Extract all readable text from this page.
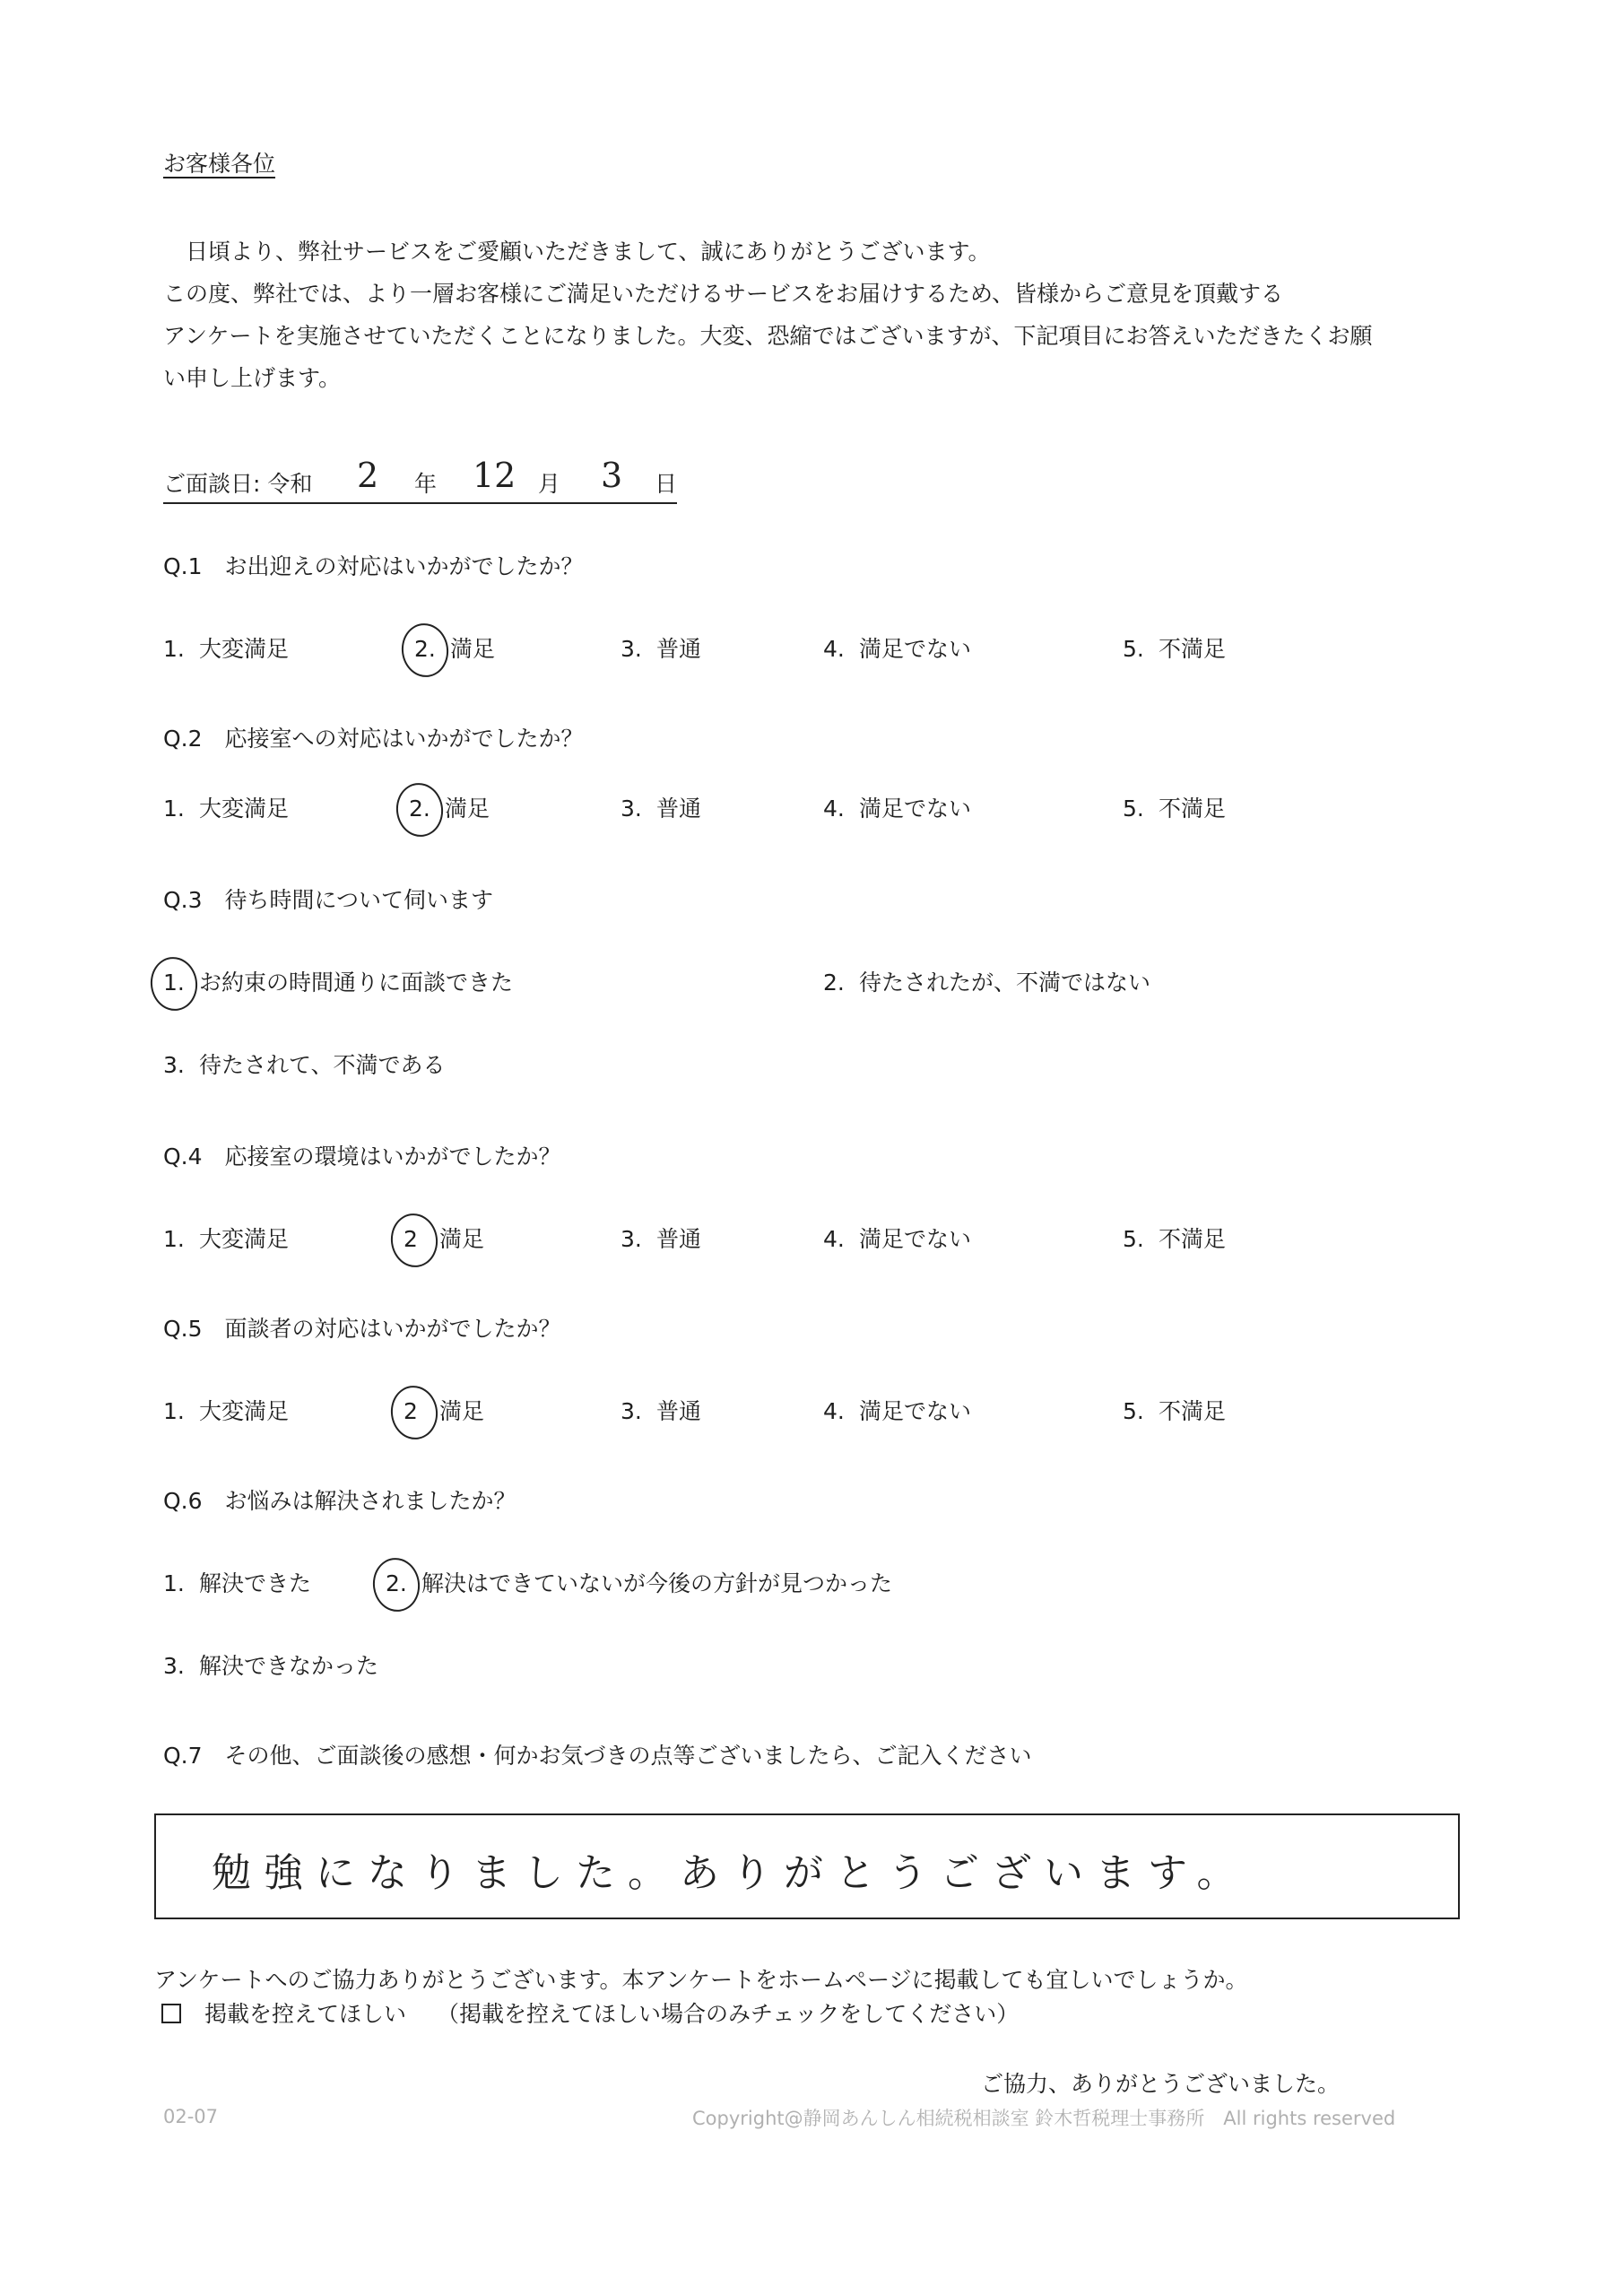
お客様各位

　日頃より、弊社サービスをご愛顧いただきまして、誠にありがとうございます。

この度、弊社では、より一層お客様にご満足いただけるサービスをお届けするため、皆様からご意見を頂戴する

アンケートを実施させていただくことになりました。大変、恐縮ではございますが、下記項目にお答えいただきたくお願

い申し上げます。

ご面談日: 令和 2 年 12 月 3 日
Q.1　お出迎えの対応はいかがでしたか？
1. 大変満足	2. 満足	3. 普通	4. 満足でない	5. 不満足
Q.2　応接室への対応はいかがでしたか？
1. 大変満足	2. 満足	3. 普通	4. 満足でない	5. 不満足
Q.3　待ち時間について伺います
1. お約束の時間通りに面談できた	2. 待たされたが、不満ではない
3. 待たされて、不満である
Q.4　応接室の環境はいかがでしたか？
1. 大変満足	2 満足	3. 普通	4. 満足でない	5. 不満足
Q.5　面談者の対応はいかがでしたか？
1. 大変満足	2 満足	3. 普通	4. 満足でない	5. 不満足
Q.6　お悩みは解決されましたか？
1. 解決できた	2. 解決はできていないが今後の方針が見つかった
3. 解決できなかった
Q.7　その他、ご面談後の感想・何かお気づきの点等ございましたら、ご記入ください
勉強になりました。ありがとうございます。
アンケートへのご協力ありがとうございます。本アンケートをホームページに掲載しても宜しいでしょうか。
掲載を控えてほしい （掲載を控えてほしい場合のみチェックをしてください）
ご協力、ありがとうございました。
02-07	Copyright@静岡あんしん相続税相談室 鈴木哲税理士事務所　All rights reserved
